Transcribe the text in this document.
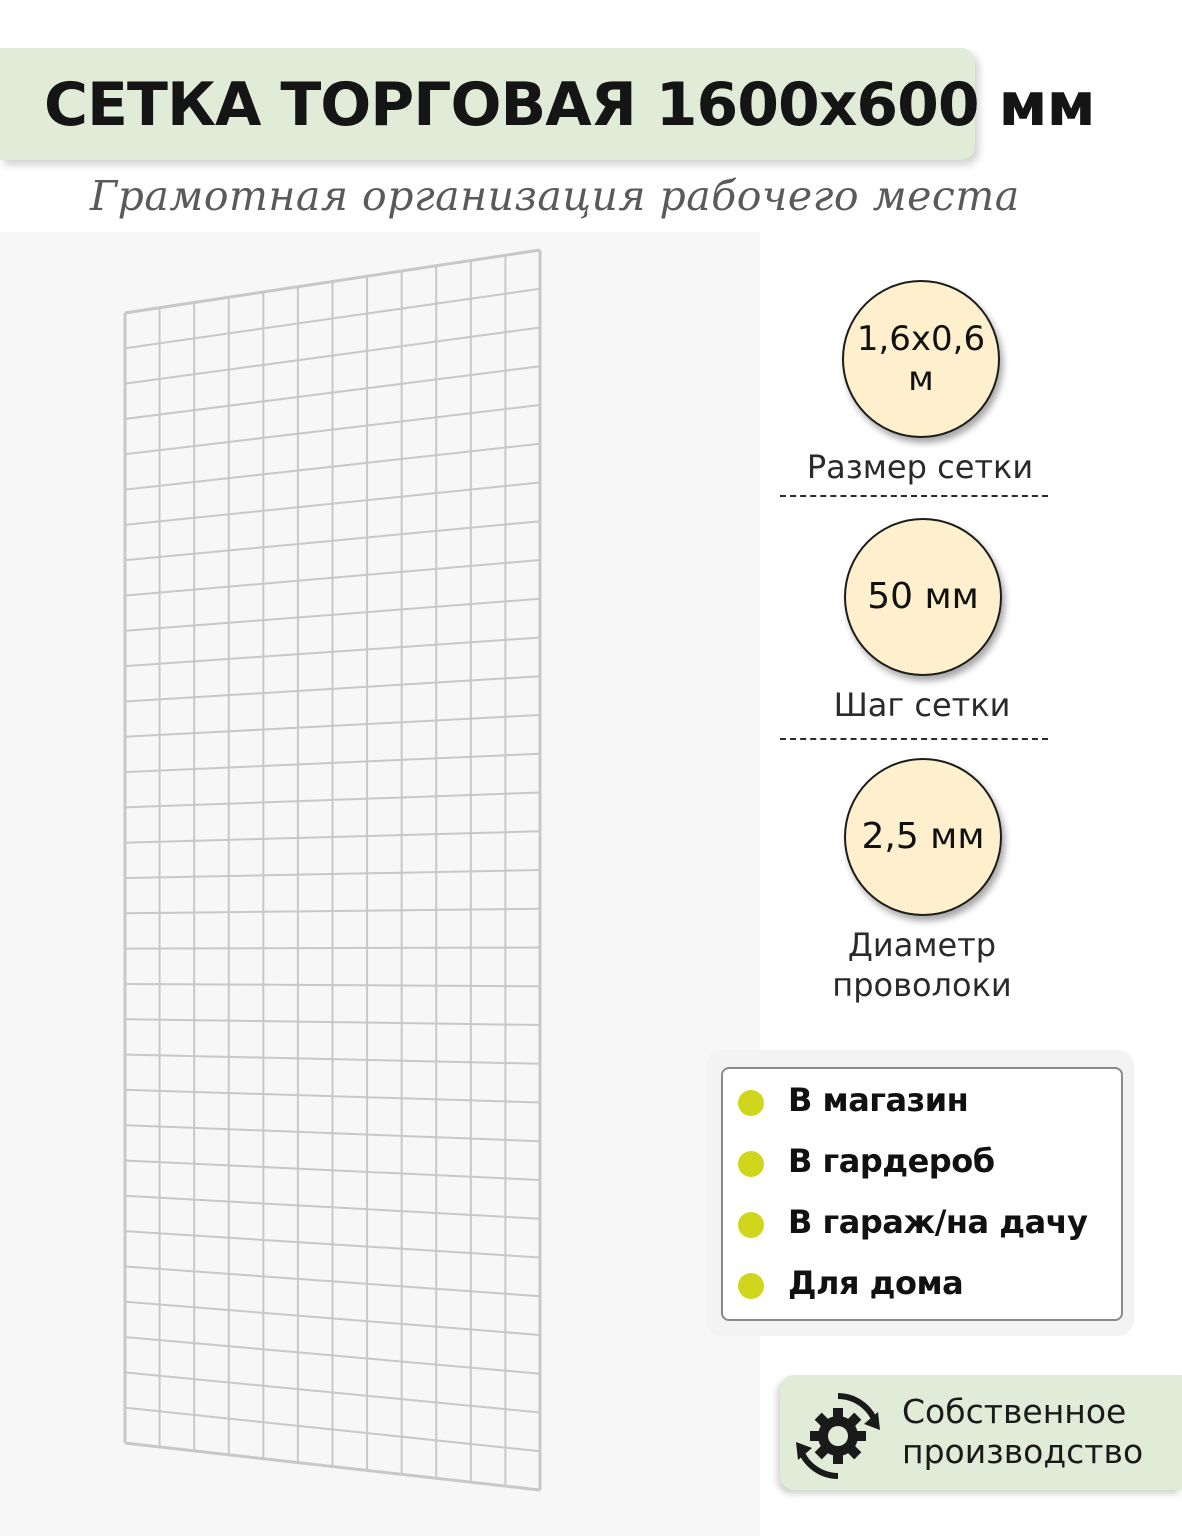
СЕТКА ТОРГОВАЯ 1600x600 мм
Грамотная организация рабочего места
1,6x0,6 м
Размер сетки
50 мм
Шаг сетки
2,5 мм
Диаметр проволоки
В магазин
В гардероб
В гараж/на дачу
Для дома
Собственное
производство
